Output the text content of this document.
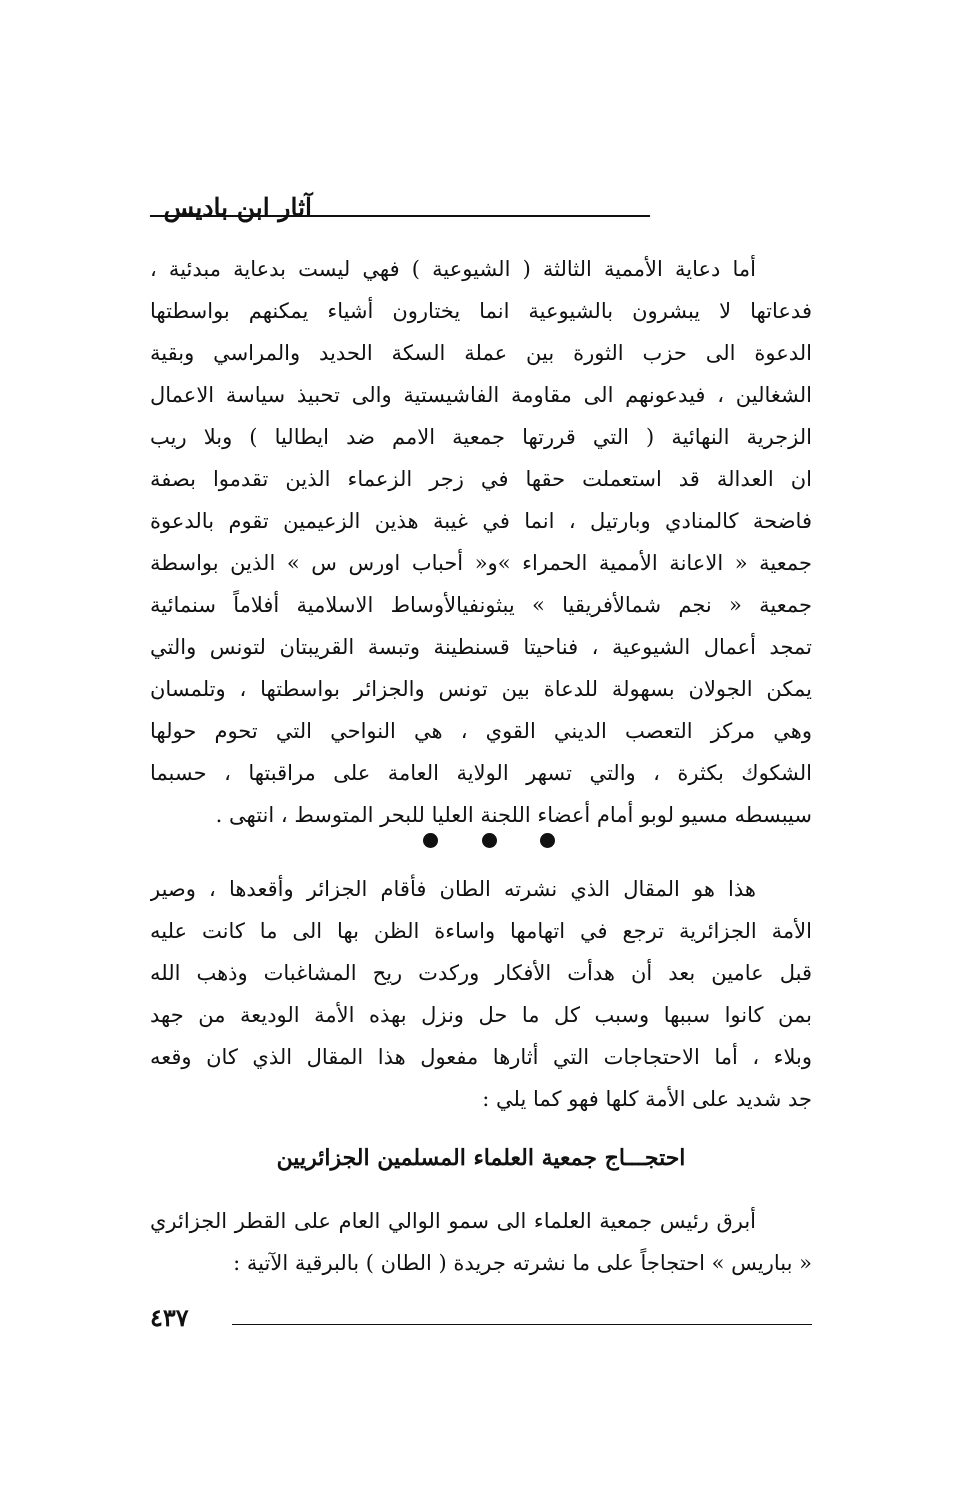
آثار ابن باديس
أما دعاية الأممية الثالثة ( الشيوعية ) فهي ليست بدعاية مبدئية ،
فدعاتها لا يبشرون بالشيوعية انما يختارون أشياء يمكنهم بواسطتها
الدعوة الى حزب الثورة بين عملة السكة الحديد والمراسي وبقية
الشغالين ، فيدعونهم الى مقاومة الفاشيستية والى تحبيذ سياسة الاعمال
الزجرية النهائية ( التي قررتها جمعية الامم ضد ايطاليا ) وبلا ريب
ان العدالة قد استعملت حقها في زجر الزعماء الذين تقدموا بصفة
فاضحة كالمنادي وبارتيل ، انما في غيبة هذين الزعيمين تقوم بالدعوة
جمعية « الاعانة الأممية الحمراء »و« أحباب اورس س » الذين بواسطة
جمعية « نجم شمالأفريقيا » يبثونفيالأوساط الاسلامية أفلاماً سنمائية
تمجد أعمال الشيوعية ، فناحيتا قسنطينة وتبسة القريبتان لتونس والتي
يمكن الجولان بسهولة للدعاة بين تونس والجزائر بواسطتها ، وتلمسان
وهي مركز التعصب الديني القوي ، هي النواحي التي تحوم حولها
الشكوك بكثرة ، والتي تسهر الولاية العامة على مراقبتها ، حسبما
سيبسطه مسيو لوبو أمام أعضاء اللجنة العليا للبحر المتوسط ، انتهى .
هذا هو المقال الذي نشرته الطان فأقام الجزائر وأقعدها ، وصير
الأمة الجزائرية ترجع في اتهامها واساءة الظن بها الى ما كانت عليه
قبل عامين بعد أن هدأت الأفكار وركدت ريح المشاغبات وذهب الله
بمن كانوا سببها وسبب كل ما حل ونزل بهذه الأمة الوديعة من جهد
وبلاء ، أما الاحتجاجات التي أثارها مفعول هذا المقال الذي كان وقعه
جد شديد على الأمة كلها فهو كما يلي :
احتجـــاج جمعية العلماء المسلمين الجزائريين
أبرق رئيس جمعية العلماء الى سمو الوالي العام على القطر الجزائري
« بباريس » احتجاجاً على ما نشرته جريدة ( الطان ) بالبرقية الآتية :
٤٣٧
